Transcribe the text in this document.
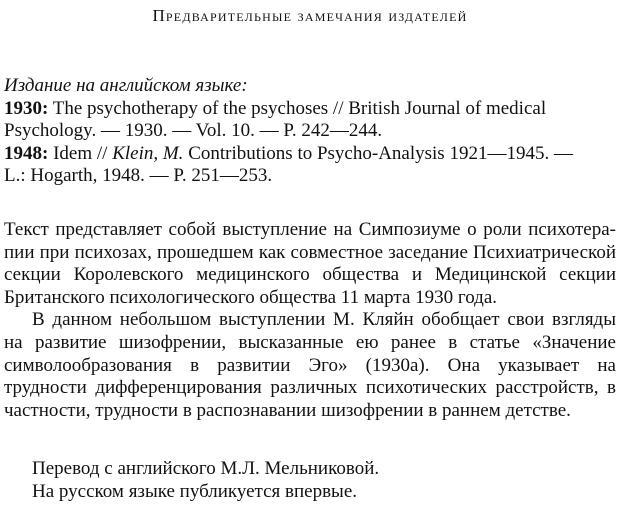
Предварительные замечания издателей
Издание на английском языке:
1930: The psychotherapy of the psychoses // British Journal of medical
Psychology. — 1930. — Vol. 10. — P. 242—244.
1948: Idem // Klein, M. Contributions to Psycho-Analysis 1921—1945. —
L.: Hogarth, 1948. — P. 251—253.
Текст представляет собой выступление на Симпозиуме о роли психотера-
пии при психозах, прошедшем как совместное заседание Психиатрической
секции Королевского медицинского общества и Медицинской секции
Британского психологического общества 11 марта 1930 года.
В данном небольшом выступлении М. Кляйн обобщает свои взгляды
на развитие шизофрении, высказанные ею ранее в статье «Значение
символообразования в развитии Эго» (1930a). Она указывает на
трудности дифференцирования различных психотических расстройств, в
частности, трудности в распознавании шизофрении в раннем детстве.
Перевод с английского М.Л. Мельниковой.
На русском языке публикуется впервые.
